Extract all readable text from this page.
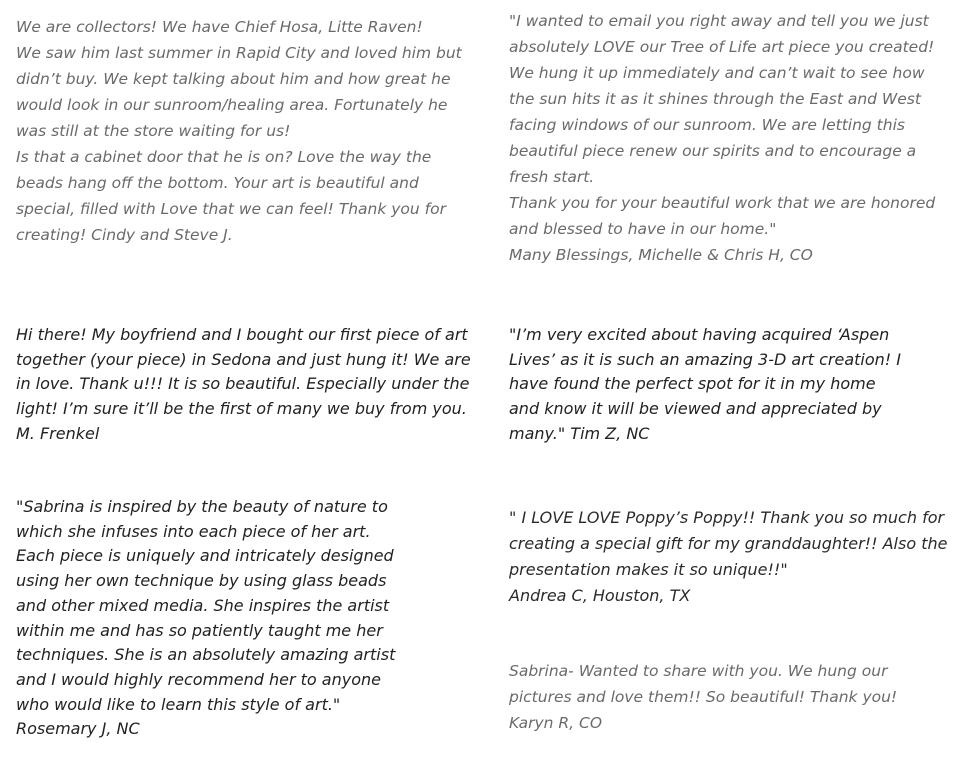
We are collectors! We have Chief Hosa, Litte Raven!
We saw him last summer in Rapid City and loved him but
didn’t buy. We kept talking about him and how great he
would look in our sunroom/healing area. Fortunately he
was still at the store waiting for us!
Is that a cabinet door that he is on? Love the way the
beads hang off the bottom. Your art is beautiful and
special, filled with Love that we can feel! Thank you for
creating! Cindy and Steve J.

"I wanted to email you right away and tell you we just
absolutely LOVE our Tree of Life art piece you created!
We hung it up immediately and can’t wait to see how
the sun hits it as it shines through the East and West
facing windows of our sunroom. We are letting this
beautiful piece renew our spirits and to encourage a
fresh start.
Thank you for your beautiful work that we are honored
and blessed to have in our home."
Many Blessings, Michelle & Chris H, CO

Hi there! My boyfriend and I bought our first piece of art
together (your piece) in Sedona and just hung it! We are
in love. Thank u!!! It is so beautiful. Especially under the
light! I’m sure it’ll be the first of many we buy from you.
M. Frenkel

"I’m very excited about having acquired ‘Aspen
Lives’ as it is such an amazing 3-D art creation! I
have found the perfect spot for it in my home
and know it will be viewed and appreciated by
many." Tim Z, NC

"Sabrina is inspired by the beauty of nature to
which she infuses into each piece of her art.
Each piece is uniquely and intricately designed
using her own technique by using glass beads
and other mixed media. She inspires the artist
within me and has so patiently taught me her
techniques. She is an absolutely amazing artist
and I would highly recommend her to anyone
who would like to learn this style of art."
Rosemary J, NC

" I LOVE LOVE Poppy’s Poppy!! Thank you so much for
creating a special gift for my granddaughter!! Also the
presentation makes it so unique!!"
Andrea C, Houston, TX

Sabrina- Wanted to share with you. We hung our
pictures and love them!! So beautiful! Thank you!
Karyn R, CO
